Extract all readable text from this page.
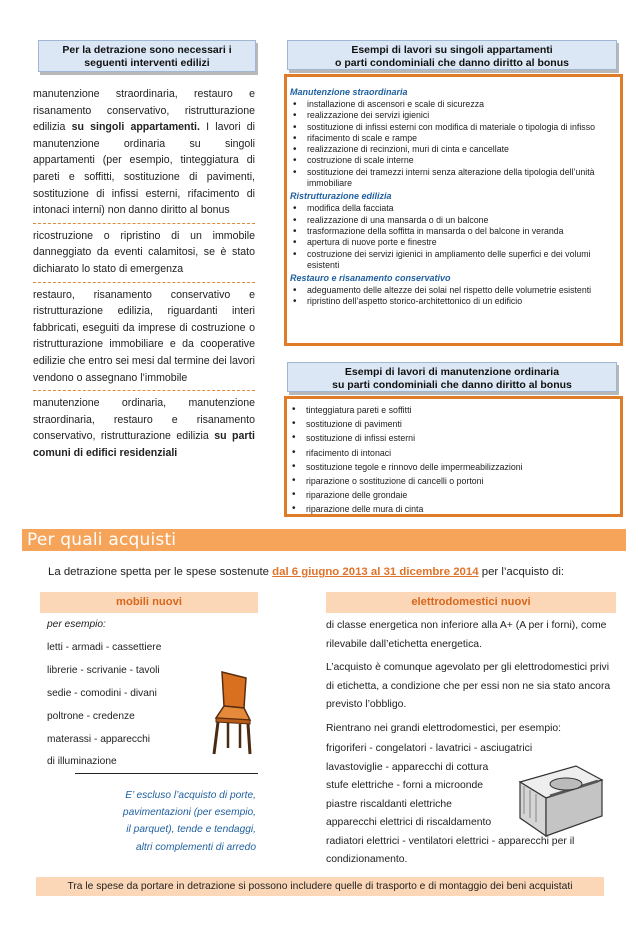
Per la detrazione sono necessari i seguenti interventi edilizi

manutenzione straordinaria, restauro e risanamento conservativo, ristrutturazione edilizia su singoli appartamenti. I lavori di manutenzione ordinaria su singoli appartamenti (per esempio, tinteggiatura di pareti e soffitti, sostituzione di pavimenti, sostituzione di infissi esterni, rifacimento di intonaci interni) non danno diritto al bonus

ricostruzione o ripristino di un immobile danneggiato da eventi calamitosi, se è stato dichiarato lo stato di emergenza

restauro, risanamento conservativo e ristrutturazione edilizia, riguardanti interi fabbricati, eseguiti da imprese di costruzione o ristrutturazione immobiliare e da cooperative edilizie che entro sei mesi dal termine dei lavori vendono o assegnano l’immobile

manutenzione ordinaria, manutenzione straordinaria, restauro e risanamento conservativo, ristrutturazione edilizia su parti comuni di edifici residenziali

Esempi di lavori su singoli appartamenti
o parti condominiali che danno diritto al bonus
Manutenzione straordinaria
• installazione di ascensori e scale di sicurezza
• realizzazione dei servizi igienici
• sostituzione di infissi esterni con modifica di materiale o tipologia di infisso
• rifacimento di scale e rampe
• realizzazione di recinzioni, muri di cinta e cancellate
• costruzione di scale interne
• sostituzione dei tramezzi interni senza alterazione della tipologia dell’unità immobiliare
Ristrutturazione edilizia
• modifica della facciata
• realizzazione di una mansarda o di un balcone
• trasformazione della soffitta in mansarda o del balcone in veranda
• apertura di nuove porte e finestre
• costruzione dei servizi igienici in ampliamento delle superfici e dei volumi esistenti
Restauro e risanamento conservativo
• adeguamento delle altezze dei solai nel rispetto delle volumetrie esistenti
• ripristino dell’aspetto storico-architettonico di un edificio
Esempi di lavori di manutenzione ordinaria
su parti condominiali che danno diritto al bonus
• tinteggiatura pareti e soffitti
• sostituzione di pavimenti
• sostituzione di infissi esterni
• rifacimento di intonaci
• sostituzione tegole e rinnovo delle impermeabilizzazioni
• riparazione o sostituzione di cancelli o portoni
• riparazione delle grondaie
• riparazione delle mura di cinta
Per quali acquisti
La detrazione spetta per le spese sostenute dal 6 giugno 2013 al 31 dicembre 2014 per l’acquisto di:
mobili nuovi	elettrodomestici nuovi
per esempio:
letti - armadi - cassettiere
librerie - scrivanie - tavoli
sedie - comodini - divani
poltrone - credenze
materassi - apparecchi
di illuminazione
E’ escluso l’acquisto di porte,
pavimentazioni (per esempio,
il parquet), tende e tendaggi,
altri complementi di arredo

di classe energetica non inferiore alla A+ (A per i forni), come rilevabile dall’etichetta energetica.

L’acquisto è comunque agevolato per gli elettrodomestici privi di etichetta, a condizione che per essi non ne sia stato ancora previsto l’obbligo.

Rientrano nei grandi elettrodomestici, per esempio:

frigoriferi - congelatori - lavatrici - asciugatrici

lavastoviglie - apparecchi di cottura

stufe elettriche - forni a microonde

piastre riscaldanti elettriche

apparecchi elettrici di riscaldamento

radiatori elettrici - ventilatori elettrici - apparecchi per il condizionamento.

Tra le spese da portare in detrazione si possono includere quelle di trasporto e di montaggio dei beni acquistati
